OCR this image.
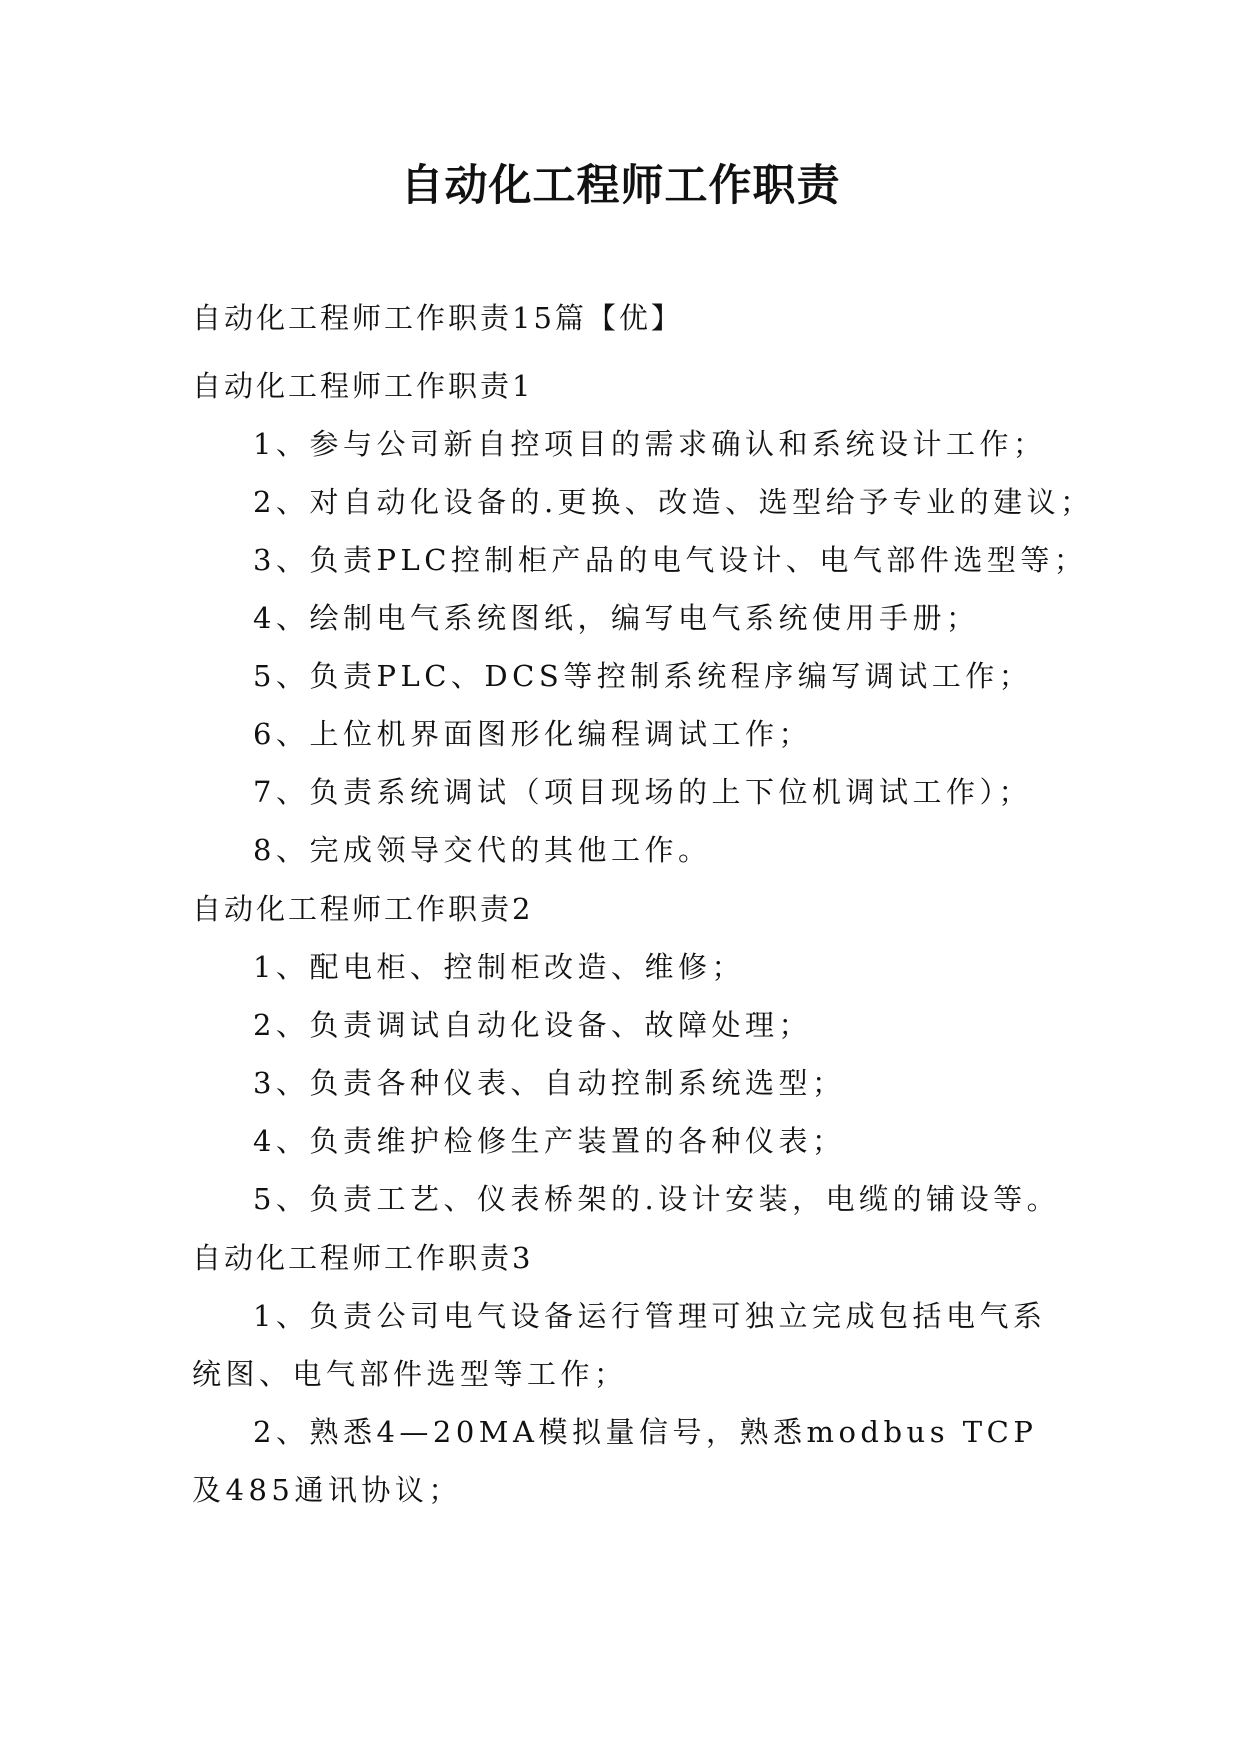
自动化工程师工作职责
自动化工程师工作职责15篇【优】
自动化工程师工作职责1
1、参与公司新自控项目的需求确认和系统设计工作；
2、对自动化设备的.更换、改造、选型给予专业的建议；
3、负责PLC控制柜产品的电气设计、电气部件选型等；
4、绘制电气系统图纸，编写电气系统使用手册；
5、负责PLC、DCS等控制系统程序编写调试工作；
6、上位机界面图形化编程调试工作；
7、负责系统调试（项目现场的上下位机调试工作）；
8、完成领导交代的其他工作。
自动化工程师工作职责2
1、配电柜、控制柜改造、维修；
2、负责调试自动化设备、故障处理；
3、负责各种仪表、自动控制系统选型；
4、负责维护检修生产装置的各种仪表；
5、负责工艺、仪表桥架的.设计安装，电缆的铺设等。
自动化工程师工作职责3
1、负责公司电气设备运行管理可独立完成包括电气系统图、电气部件选型等工作；
2、熟悉4—20MA模拟量信号，熟悉modbus TCP及485通讯协议；
